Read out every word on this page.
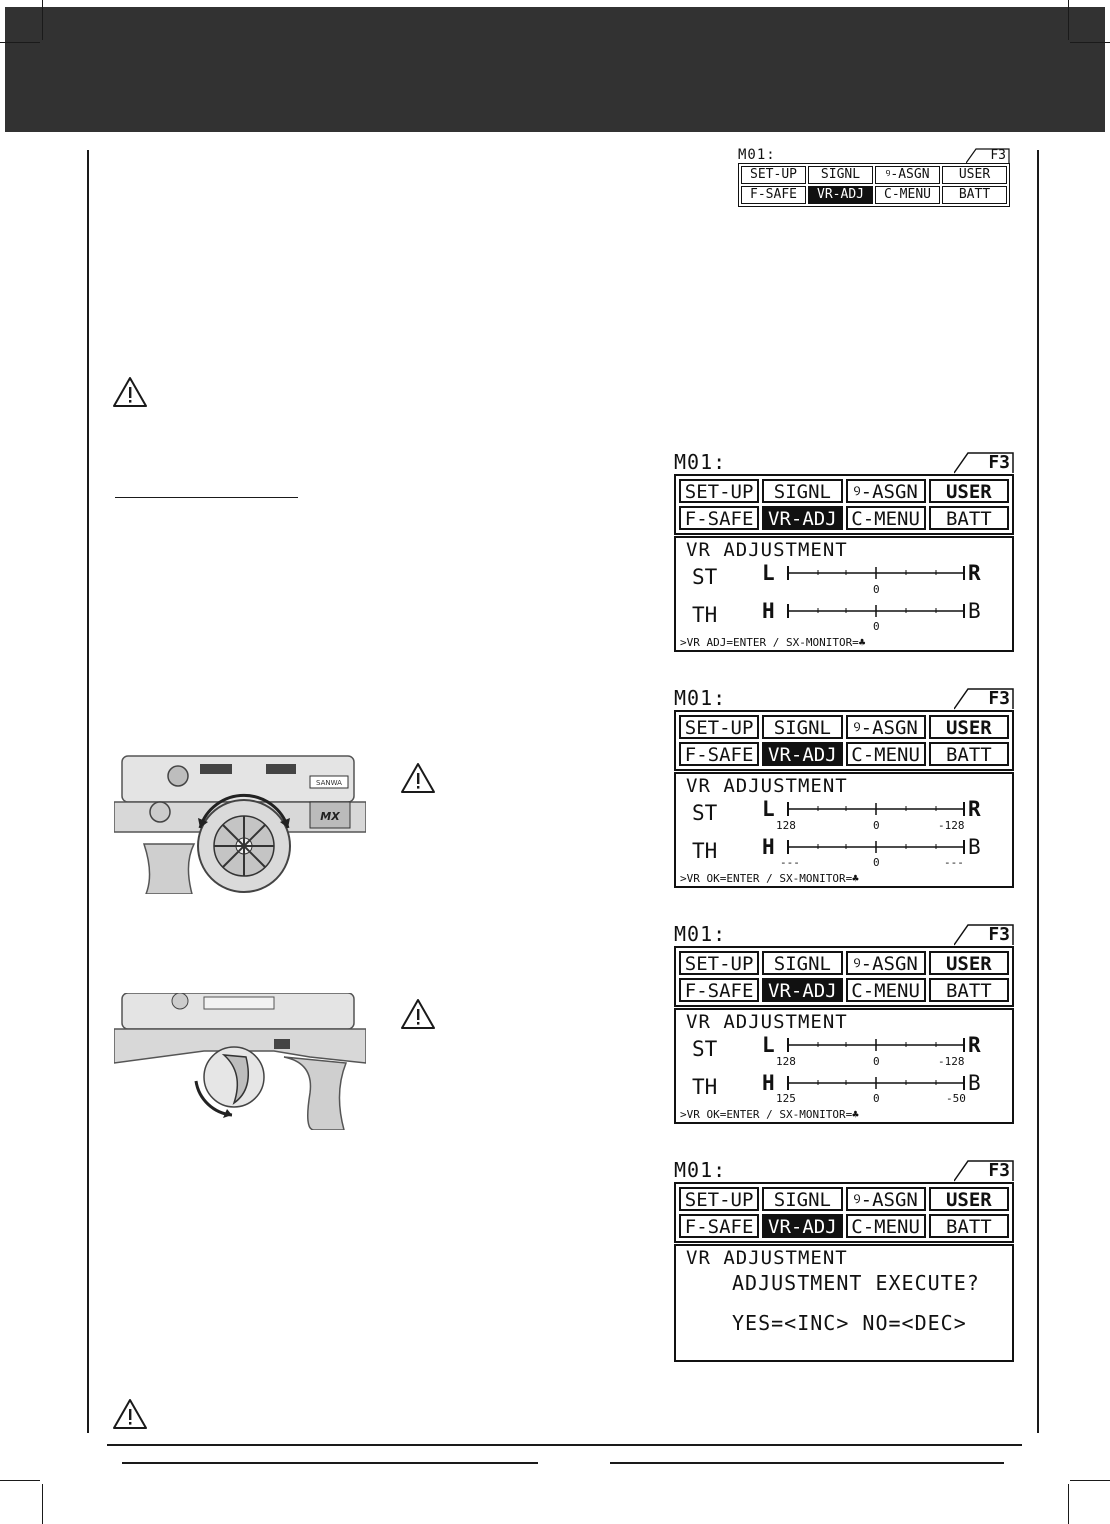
M01:	F3
SET-UP	SIGNL	ꝰ-ASGN	USER
F-SAFE	VR-ADJ	C-MENU	BATT
M01:	F3
SET-UP	SIGNL	ꝰ-ASGN	USER
F-SAFE VR-ADJ C-MENU	BATT
VR ADJUSTMENT
ST L	R
0
TH H	B
0
>VR ADJ=ENTER / SX-MONITOR=♣
M01:	F3
SET-UP	SIGNL	ꝰ-ASGN	USER
F-SAFE VR-ADJ C-MENU	BATT
VR ADJUSTMENT
ST L	R
128	0	-128
TH H	B
---	0	---
>VR OK=ENTER / SX-MONITOR=♣
M01:	F3
SET-UP	SIGNL	ꝰ-ASGN	USER
F-SAFE VR-ADJ C-MENU	BATT
VR ADJUSTMENT
ST L	R
128	0	-128
TH H	B
125	0	-50
>VR OK=ENTER / SX-MONITOR=♣
M01:	F3
SET-UP	SIGNL	ꝰ-ASGN	USER
F-SAFE VR-ADJ C-MENU	BATT
VR ADJUSTMENT
ADJUSTMENT EXECUTE?
YES=<INC> NO=<DEC>
SANWA
MX
